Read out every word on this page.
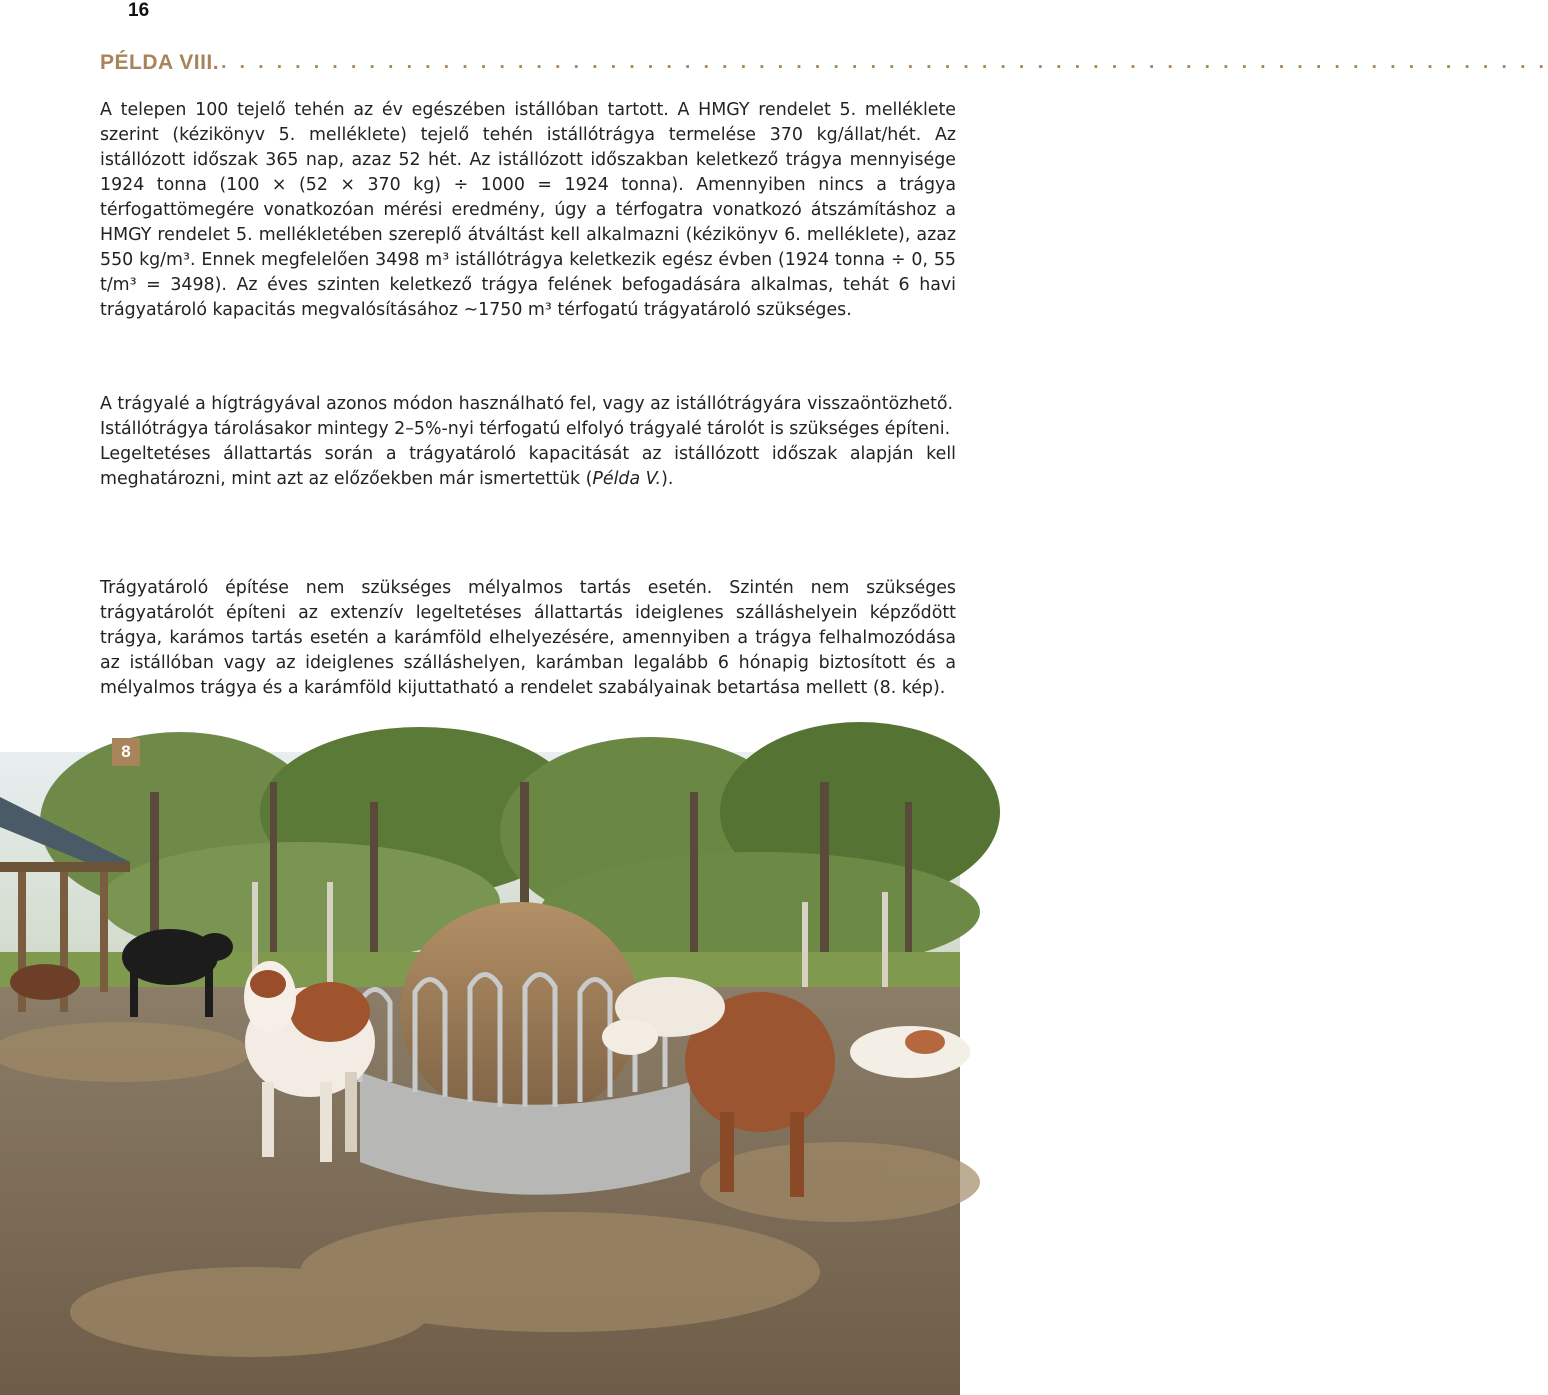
16
PÉLDA VIII. . . . . . . . . . . . . . . . . . . . . . . . . . . . . . . . . . . . . . . . . . . . . . . . . . . . . . . . . . . . . . . . . . . . . . . . .

A telepen 100 tejelő tehén az év egészében istállóban tartott. A HMGY rendelet 5. melléklete szerint (kézikönyv 5. melléklete) tejelő tehén istállótrágya termelése 370 kg/állat/hét. Az istállózott időszak 365 nap, azaz 52 hét. Az istállózott időszakban keletkező trágya mennyisége 1924 tonna (100 × (52 × 370 kg) ÷ 1000 = 1924 tonna). Amennyiben nincs a trágya térfogattömegére vonatkozóan mérési eredmény, úgy a térfogatra vonatkozó átszámításhoz a HMGY rendelet 5. mellékletében szereplő átváltást kell alkalmazni (kézikönyv 6. melléklete), azaz 550 kg/m³. Ennek megfelelően 3498 m³ istállótrágya keletkezik egész évben (1924 tonna ÷ 0, 55 t/m³ = 3498). Az éves szinten keletkező trágya felének befogadására alkalmas, tehát 6 havi trágyatároló kapacitás megvalósításához ~1750 m³ térfogatú trágyatároló szükséges.

A trágyalé a hígtrágyával azonos módon használható fel, vagy az istállótrágyára visszaöntözhető.

Istállótrágya tárolásakor mintegy 2–5%-nyi térfogatú elfolyó trágyalé tárolót is szükséges építeni.

Legeltetéses állattartás során a trágyatároló kapacitását az istállózott időszak alapján kell meghatározni, mint azt az előzőekben már ismertettük (Példa V.).

Trágyatároló építése nem szükséges mélyalmos tartás esetén. Szintén nem szükséges trágyatárolót építeni az extenzív legeltetéses állattartás ideiglenes szálláshelyein képződött trágya, karámos tartás esetén a karámföld elhelyezésére, amennyiben a trágya felhalmozódása az istállóban vagy az ideiglenes szálláshelyen, karámban legalább 6 hónapig biztosított és a mélyalmos trágya és a karámföld kijuttatható a rendelet szabályainak betartása mellett (8. kép).

8
